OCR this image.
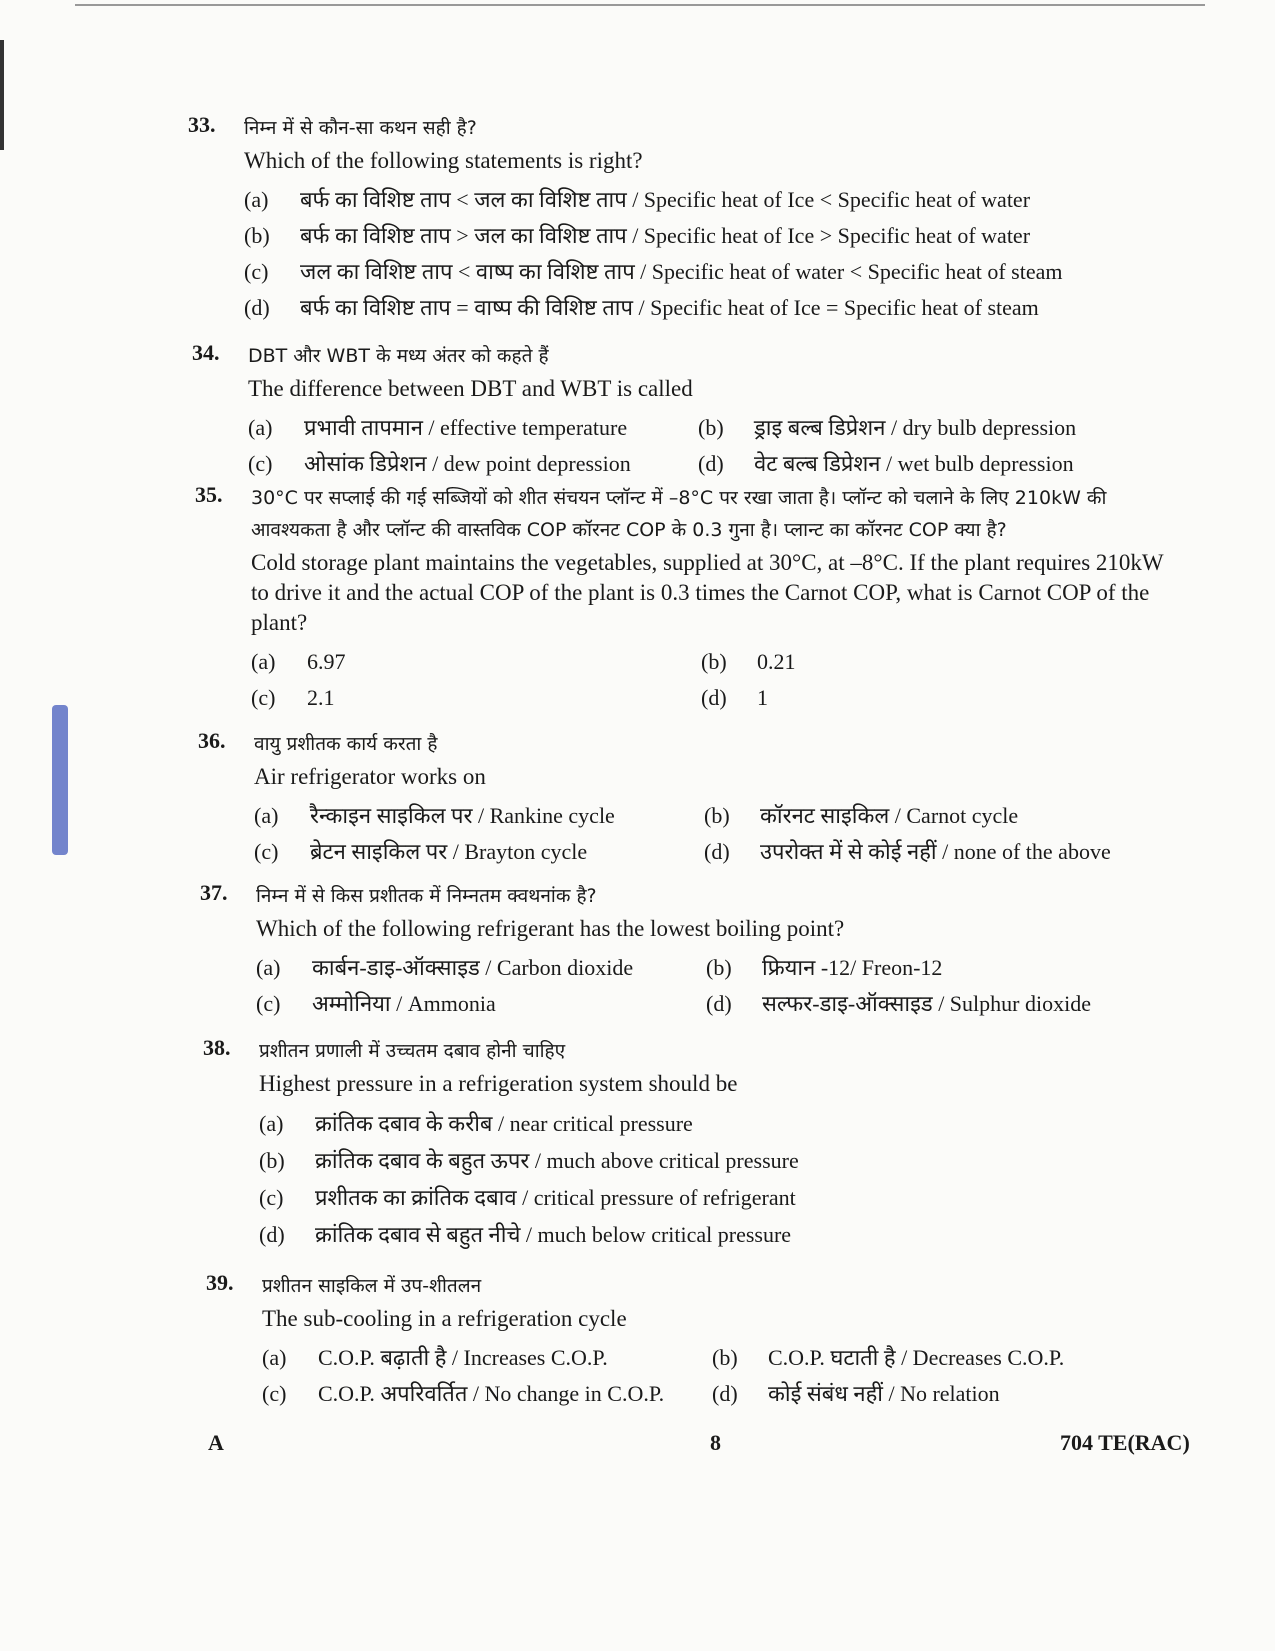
33. निम्न में से कौन-सा कथन सही है?
Which of the following statements is right?
(a)	बर्फ का विशिष्ट ताप < जल का विशिष्ट ताप / Specific heat of Ice < Specific heat of water
(b)	बर्फ का विशिष्ट ताप > जल का विशिष्ट ताप / Specific heat of Ice > Specific heat of water
(c)	जल का विशिष्ट ताप < वाष्प का विशिष्ट ताप / Specific heat of water < Specific heat of steam
(d)	बर्फ का विशिष्ट ताप = वाष्प की विशिष्ट ताप / Specific heat of Ice = Specific heat of steam
34. DBT और WBT के मध्य अंतर को कहते हैं
The difference between DBT and WBT is called
(a)	प्रभावी तापमान / effective temperature	(b)	ड्राइ बल्ब डिप्रेशन / dry bulb depression
(c)	ओसांक डिप्रेशन / dew point depression	(d)	वेट बल्ब डिप्रेशन / wet bulb depression
35. 30°C पर सप्लाई की गई सब्जियों को शीत संचयन प्लॉन्ट में –8°C पर रखा जाता है। प्लॉन्ट को चलाने के लिए 210kW की आवश्यकता है और प्लॉन्ट की वास्तविक COP कॉरनट COP के 0.3 गुना है। प्लान्ट का कॉरनट COP क्या है?
Cold storage plant maintains the vegetables, supplied at 30°C, at –8°C. If the plant requires 210kW to drive it and the actual COP of the plant is 0.3 times the Carnot COP, what is Carnot COP of the plant?
(a)	6.97	(b)	0.21
(c)	2.1	(d)	1
36. वायु प्रशीतक कार्य करता है
Air refrigerator works on
(a)	रैन्काइन साइकिल पर / Rankine cycle	(b)	कॉरनट साइकिल / Carnot cycle
(c)	ब्रेटन साइकिल पर / Brayton cycle	(d)	उपरोक्त में से कोई नहीं / none of the above
37. निम्न में से किस प्रशीतक में निम्नतम क्वथनांक है?
Which of the following refrigerant has the lowest boiling point?
(a)	कार्बन-डाइ-ऑक्साइड / Carbon dioxide	(b)	फ्रियान -12/ Freon-12
(c)	अम्मोनिया / Ammonia	(d)	सल्फर-डाइ-ऑक्साइड / Sulphur dioxide
38. प्रशीतन प्रणाली में उच्चतम दबाव होनी चाहिए
Highest pressure in a refrigeration system should be
(a)	क्रांतिक दबाव के करीब / near critical pressure
(b)	क्रांतिक दबाव के बहुत ऊपर / much above critical pressure
(c)	प्रशीतक का क्रांतिक दबाव / critical pressure of refrigerant
(d)	क्रांतिक दबाव से बहुत नीचे / much below critical pressure
39. प्रशीतन साइकिल में उप-शीतलन
The sub-cooling in a refrigeration cycle
(a)	C.O.P. बढ़ाती है / Increases C.O.P.	(b)	C.O.P. घटाती है / Decreases C.O.P.
(c)	C.O.P. अपरिवर्तित / No change in C.O.P. (d)	कोई संबंध नहीं / No relation
A	8	704 TE(RAC)
